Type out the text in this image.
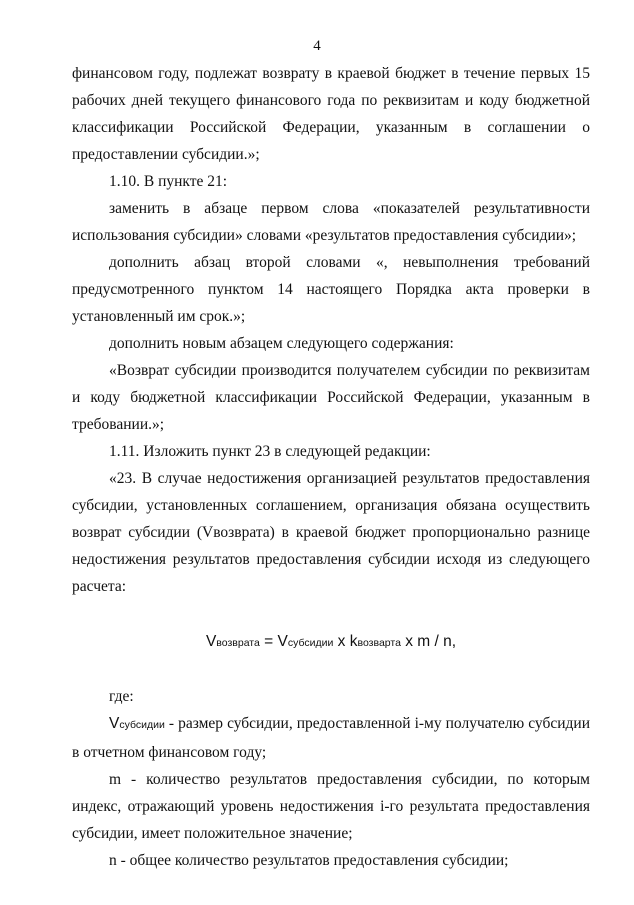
4

финансовом году, подлежат возврату в краевой бюджет в течение первых 15 рабочих дней текущего финансового года по реквизитам и коду бюджетной классификации Российской Федерации, указанным в соглашении о предоставлении субсидии.»;

1.10. В пункте 21:

заменить в абзаце первом слова «показателей результативности использования субсидии» словами «результатов предоставления субсидии»;

дополнить абзац второй словами «, невыполнения требований предусмотренного пунктом 14 настоящего Порядка акта проверки в установленный им срок.»;

дополнить новым абзацем следующего содержания:

«Возврат субсидии производится получателем субсидии по реквизитам и коду бюджетной классификации Российской Федерации, указанным в требовании.»;

1.11. Изложить пункт 23 в следующей редакции:

«23. В случае недостижения организацией результатов предоставления субсидии, установленных соглашением, организация обязана осуществить возврат субсидии (Vвозврата) в краевой бюджет пропорционально разнице недостижения результатов предоставления субсидии исходя из следующего расчета:

Vвозврата = Vсубсидии x kвозварта x m / n,

где:

Vсубсидии - размер субсидии, предоставленной i-му получателю субсидии в отчетном финансовом году;

m - количество результатов предоставления субсидии, по которым индекс, отражающий уровень недостижения i-го результата предоставления субсидии, имеет положительное значение;

n - общее количество результатов предоставления субсидии;
